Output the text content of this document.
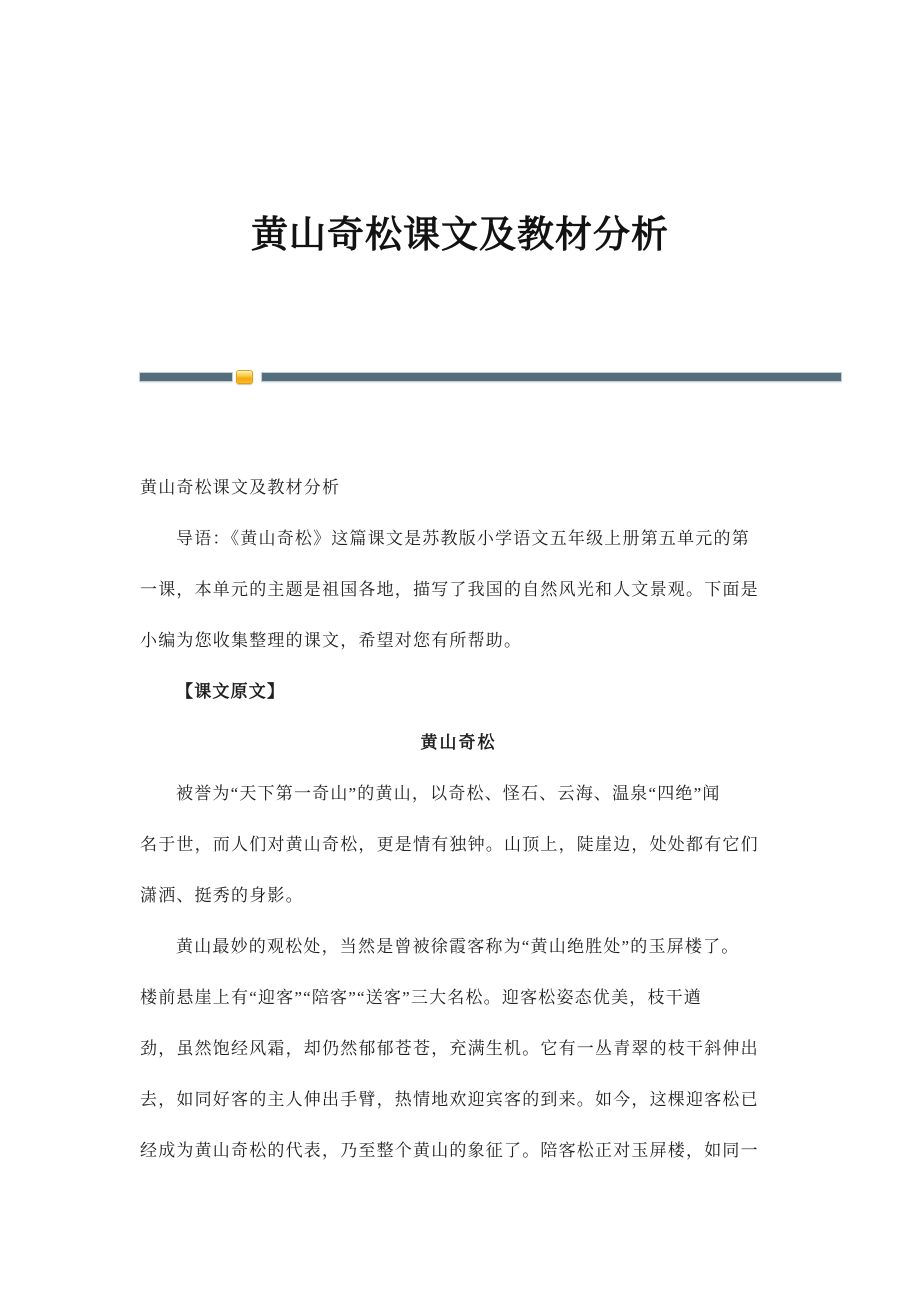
黄山奇松课文及教材分析
黄山奇松课文及教材分析
导语：《黄山奇松》这篇课文是苏教版小学语文五年级上册第五单元的第
一课，本单元的主题是祖国各地，描写了我国的自然风光和人文景观。下面是
小编为您收集整理的课文，希望对您有所帮助。
【课文原文】
黄山奇松
被誉为“天下第一奇山”的黄山，以奇松、怪石、云海、温泉“四绝”闻
名于世，而人们对黄山奇松，更是情有独钟。山顶上，陡崖边，处处都有它们
潇洒、挺秀的身影。
黄山最妙的观松处，当然是曾被徐霞客称为“黄山绝胜处”的玉屏楼了。
楼前悬崖上有“迎客”“陪客”“送客”三大名松。迎客松姿态优美，枝干遒
劲，虽然饱经风霜，却仍然郁郁苍苍，充满生机。它有一丛青翠的枝干斜伸出
去，如同好客的主人伸出手臂，热情地欢迎宾客的到来。如今，这棵迎客松已
经成为黄山奇松的代表，乃至整个黄山的象征了。陪客松正对玉屏楼，如同一
